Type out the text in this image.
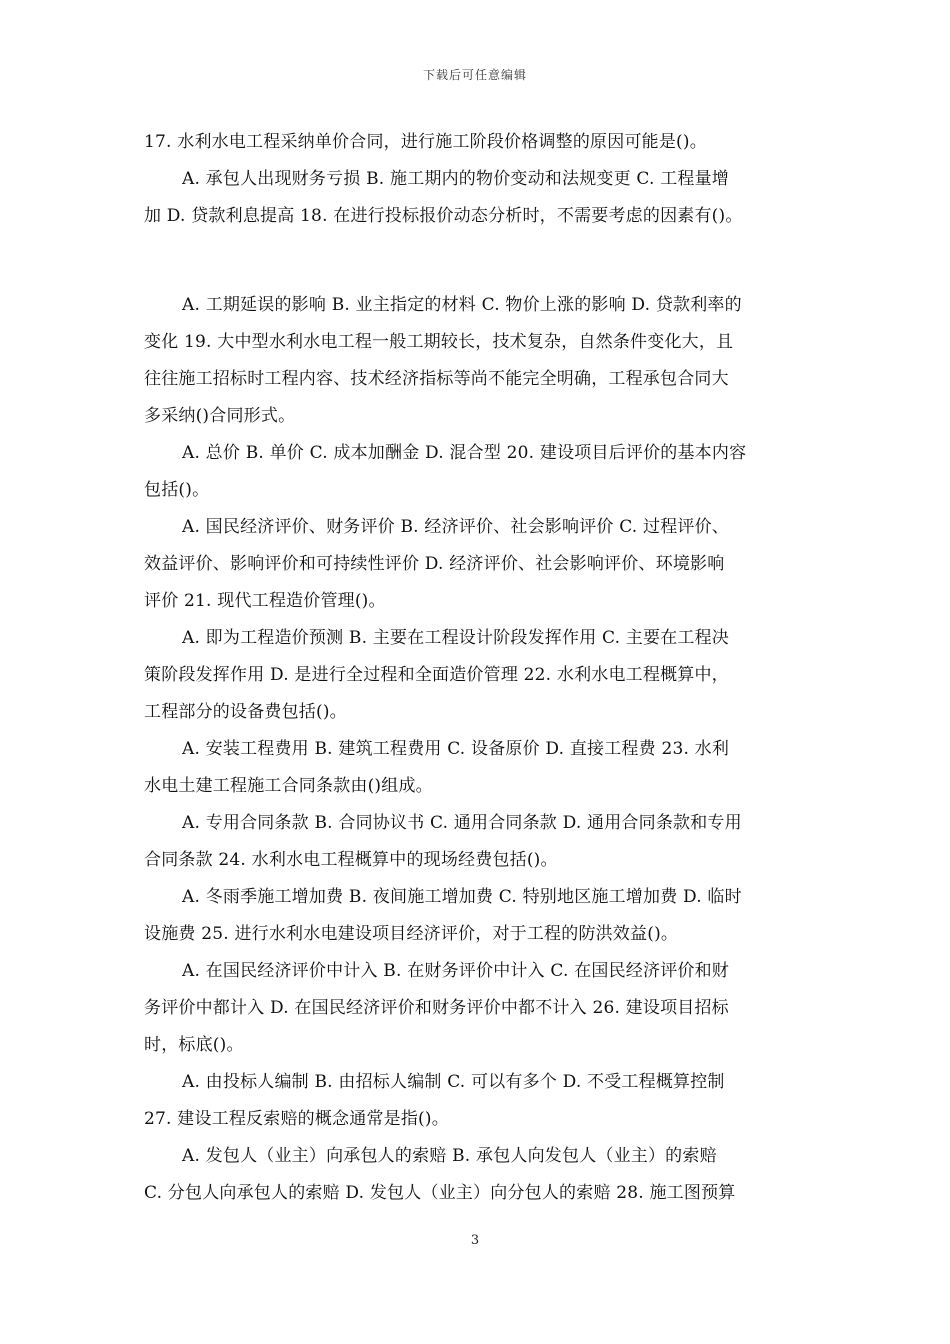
下载后可任意编辑
17. 水利水电工程采纳单价合同，进行施工阶段价格调整的原因可能是()。
A. 承包人出现财务亏损 B. 施工期内的物价变动和法规变更 C. 工程量增
加 D. 贷款利息提高 18. 在进行投标报价动态分析时，不需要考虑的因素有()。
A. 工期延误的影响 B. 业主指定的材料 C. 物价上涨的影响 D. 贷款利率的
变化 19. 大中型水利水电工程一般工期较长，技术复杂，自然条件变化大，且
往往施工招标时工程内容、技术经济指标等尚不能完全明确，工程承包合同大
多采纳()合同形式。
A. 总价 B. 单价 C. 成本加酬金 D. 混合型 20. 建设项目后评价的基本内容
包括()。
A. 国民经济评价、财务评价 B. 经济评价、社会影响评价 C. 过程评价、
效益评价、影响评价和可持续性评价 D. 经济评价、社会影响评价、环境影响
评价 21. 现代工程造价管理()。
A. 即为工程造价预测 B. 主要在工程设计阶段发挥作用 C. 主要在工程决
策阶段发挥作用 D. 是进行全过程和全面造价管理 22. 水利水电工程概算中，
工程部分的设备费包括()。
A. 安装工程费用 B. 建筑工程费用 C. 设备原价 D. 直接工程费 23. 水利
水电土建工程施工合同条款由()组成。
A. 专用合同条款 B. 合同协议书 C. 通用合同条款 D. 通用合同条款和专用
合同条款 24. 水利水电工程概算中的现场经费包括()。
A. 冬雨季施工增加费 B. 夜间施工增加费 C. 特别地区施工增加费 D. 临时
设施费 25. 进行水利水电建设项目经济评价，对于工程的防洪效益()。
A. 在国民经济评价中计入 B. 在财务评价中计入 C. 在国民经济评价和财
务评价中都计入 D. 在国民经济评价和财务评价中都不计入 26. 建设项目招标
时，标底()。
A. 由投标人编制 B. 由招标人编制 C. 可以有多个 D. 不受工程概算控制
27. 建设工程反索赔的概念通常是指()。
A. 发包人（业主）向承包人的索赔 B. 承包人向发包人（业主）的索赔
C. 分包人向承包人的索赔 D. 发包人（业主）向分包人的索赔 28. 施工图预算
3
